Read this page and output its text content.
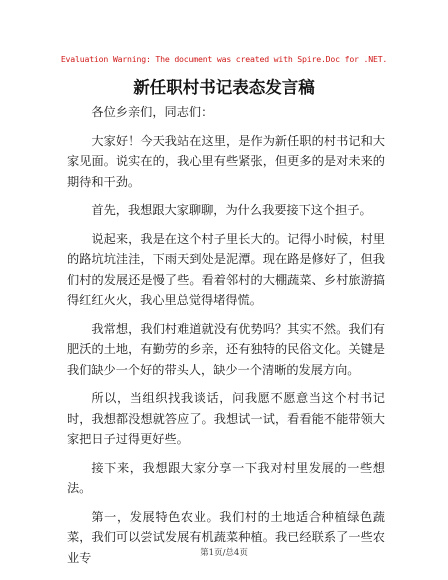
Evaluation Warning: The document was created with Spire.Doc for .NET.
新任职村书记表态发言稿

各位乡亲们，同志们：

大家好！今天我站在这里，是作为新任职的村书记和大家见面。说实在的，我心里有些紧张，但更多的是对未来的期待和干劲。

首先，我想跟大家聊聊，为什么我要接下这个担子。

说起来，我是在这个村子里长大的。记得小时候，村里的路坑坑洼洼，下雨天到处是泥潭。现在路是修好了，但我们村的发展还是慢了些。看着邻村的大棚蔬菜、乡村旅游搞得红红火火，我心里总觉得堵得慌。

我常想，我们村难道就没有优势吗？其实不然。我们有肥沃的土地，有勤劳的乡亲，还有独特的民俗文化。关键是我们缺少一个好的带头人，缺少一个清晰的发展方向。

所以，当组织找我谈话，问我愿不愿意当这个村书记时，我想都没想就答应了。我想试一试，看看能不能带领大家把日子过得更好些。

接下来，我想跟大家分享一下我对村里发展的一些想法。

第一，发展特色农业。我们村的土地适合种植绿色蔬菜，我们可以尝试发展有机蔬菜种植。我已经联系了一些农业专	第1页/总4页
